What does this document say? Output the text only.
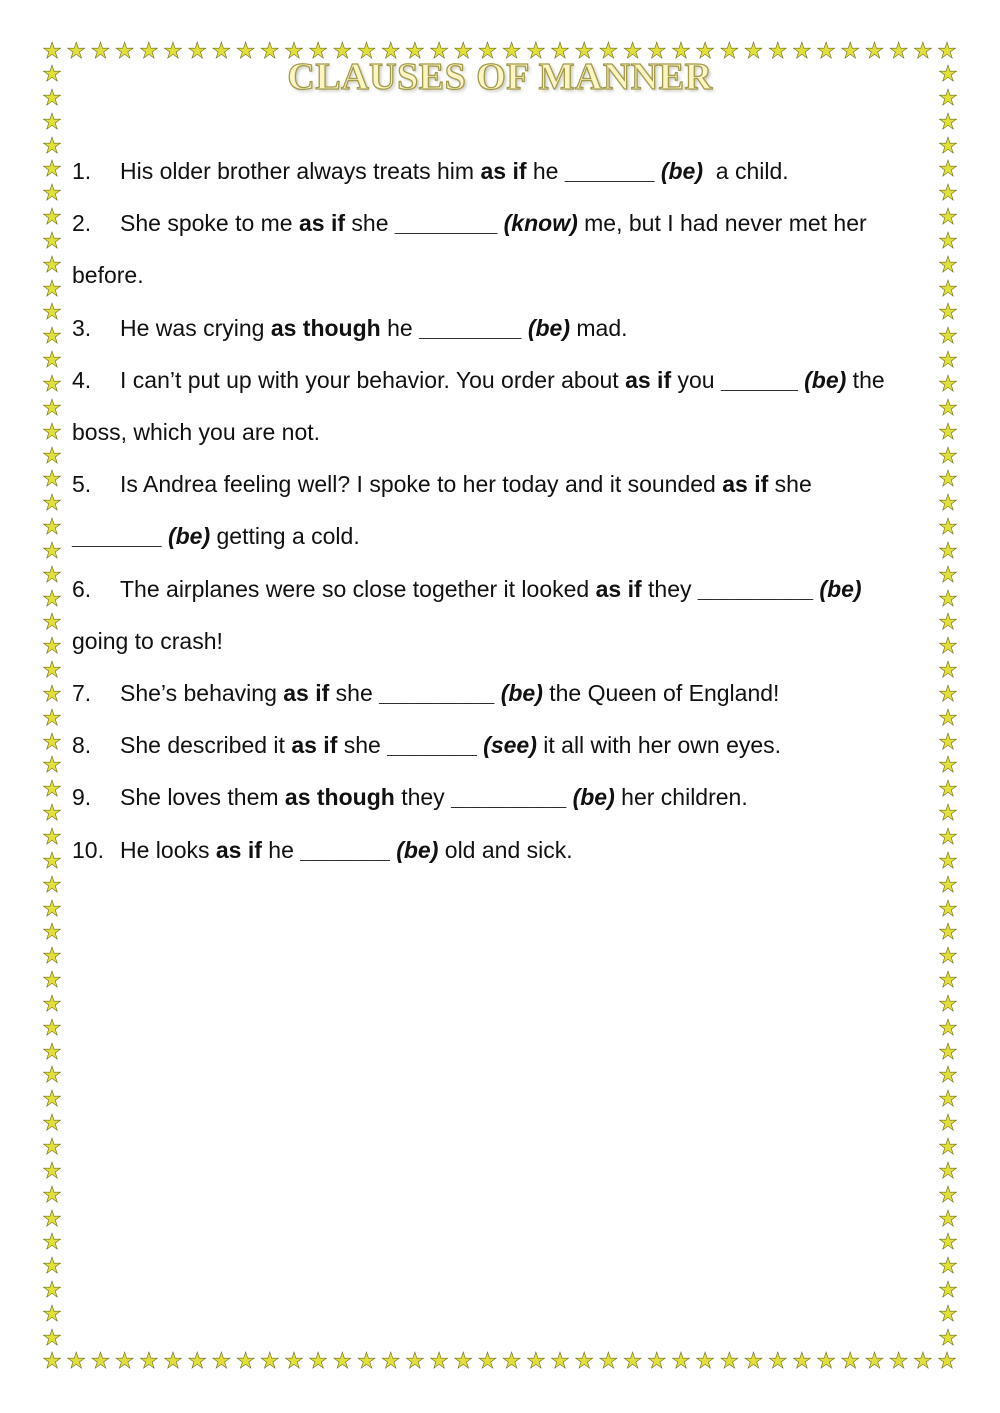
★ ★ ★ ★ ★ ★ ★ ★ ★ ★ ★ ★ ★ ★ ★ ★ ★ ★ ★ ★ ★ ★ ★ ★ ★ ★ ★ ★ ★ ★ ★ ★ ★ ★ ★ ★ ★ ★
★ ★ ★ ★ ★ ★ ★ ★ ★ ★ ★ ★ ★ ★ ★ ★ ★ ★ ★ ★ ★ ★ ★ ★ ★ ★ ★ ★ ★ ★ ★ ★ ★ ★ ★ ★ ★ ★
★
★
★
★
★
★
★
★
★
★
★
★
★
★
★
★
★
★
★
★
★
★
★
★
★
★
★
★
★
★
★
★
★
★
★
★
★
★
★
★
★
★
★
★
★
★
★
★
★
★
★
★
★
★
★
★
★
★
★
★
★
★
★
★
★
★
★
★
★
★
★
★
★
★
★
★
★
★
★
★
★
★
★
★
★
★
★
★
★
★
★
★
★
★
★
★
★
★
★
★
★
★
★
★
★
★
★
★
CLAUSES OF MANNER
1. His older brother always treats him as if he _______ (be)  a child.
2. She spoke to me as if she ________ (know) me, but I had never met her before.
3. He was crying as though he ________ (be) mad.
4. I can’t put up with your behavior. You order about as if you ______ (be) the boss, which you are not.
5. Is Andrea feeling well? I spoke to her today and it sounded as if she _______ (be) getting a cold.
6. The airplanes were so close together it looked as if they _________ (be) going to crash!
7. She’s behaving as if she _________ (be) the Queen of England!
8. She described it as if she _______ (see) it all with her own eyes.
9. She loves them as though they _________ (be) her children.
10. He looks as if he _______ (be) old and sick.
